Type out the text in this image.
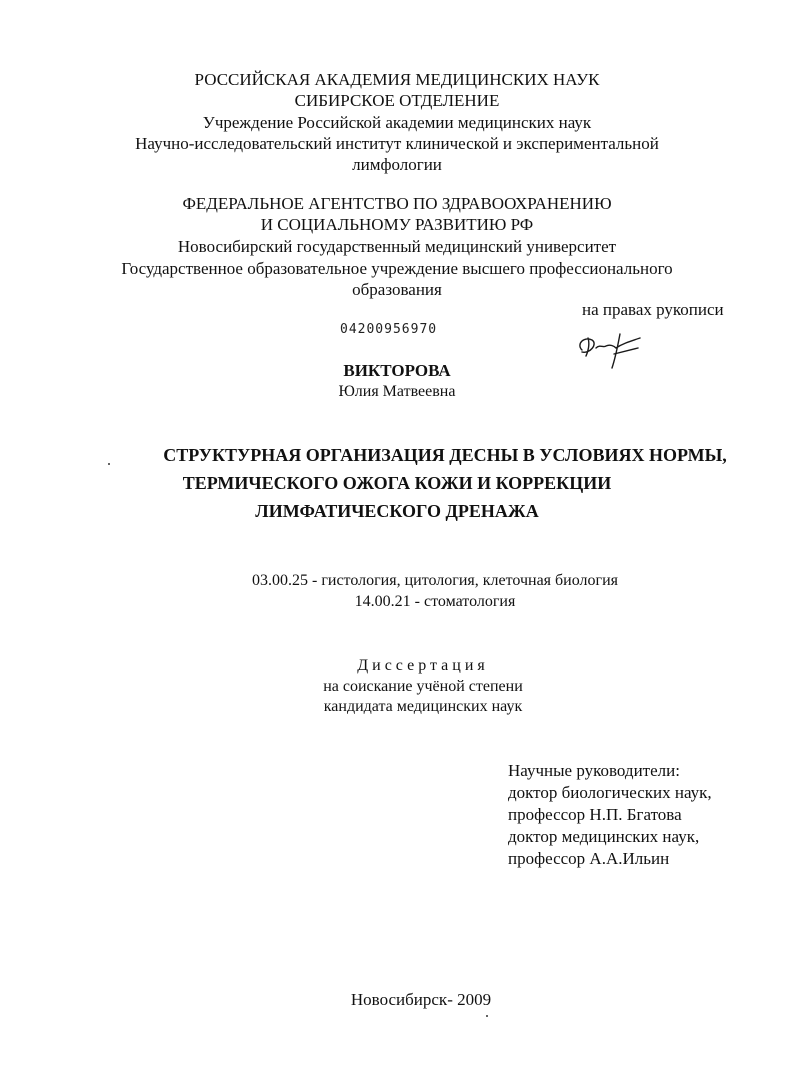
РОССИЙСКАЯ АКАДЕМИЯ МЕДИЦИНСКИХ НАУК
СИБИРСКОЕ ОТДЕЛЕНИЕ
Учреждение Российской академии медицинских наук
Научно-исследовательский институт клинической и экспериментальной
лимфологии
ФЕДЕРАЛЬНОЕ АГЕНТСТВО ПО ЗДРАВООХРАНЕНИЮ
И СОЦИАЛЬНОМУ РАЗВИТИЮ РФ
Новосибирский государственный медицинский университет
Государственное образовательное учреждение высшего профессионального
образования
на правах рукописи
04200956970
ВИКТОРОВА
Юлия Матвеевна
СТРУКТУРНАЯ ОРГАНИЗАЦИЯ ДЕСНЫ В УСЛОВИЯХ НОРМЫ,
ТЕРМИЧЕСКОГО ОЖОГА КОЖИ И КОРРЕКЦИИ
ЛИМФАТИЧЕСКОГО ДРЕНАЖА
03.00.25 - гистология, цитология, клеточная биология
14.00.21 - стоматология
Диссертация
на соискание учёной степени
кандидата медицинских наук
Научные руководители:
доктор биологических наук,
профессор Н.П. Бгатова
доктор медицинских наук,
профессор А.А.Ильин
Новосибирск- 2009
